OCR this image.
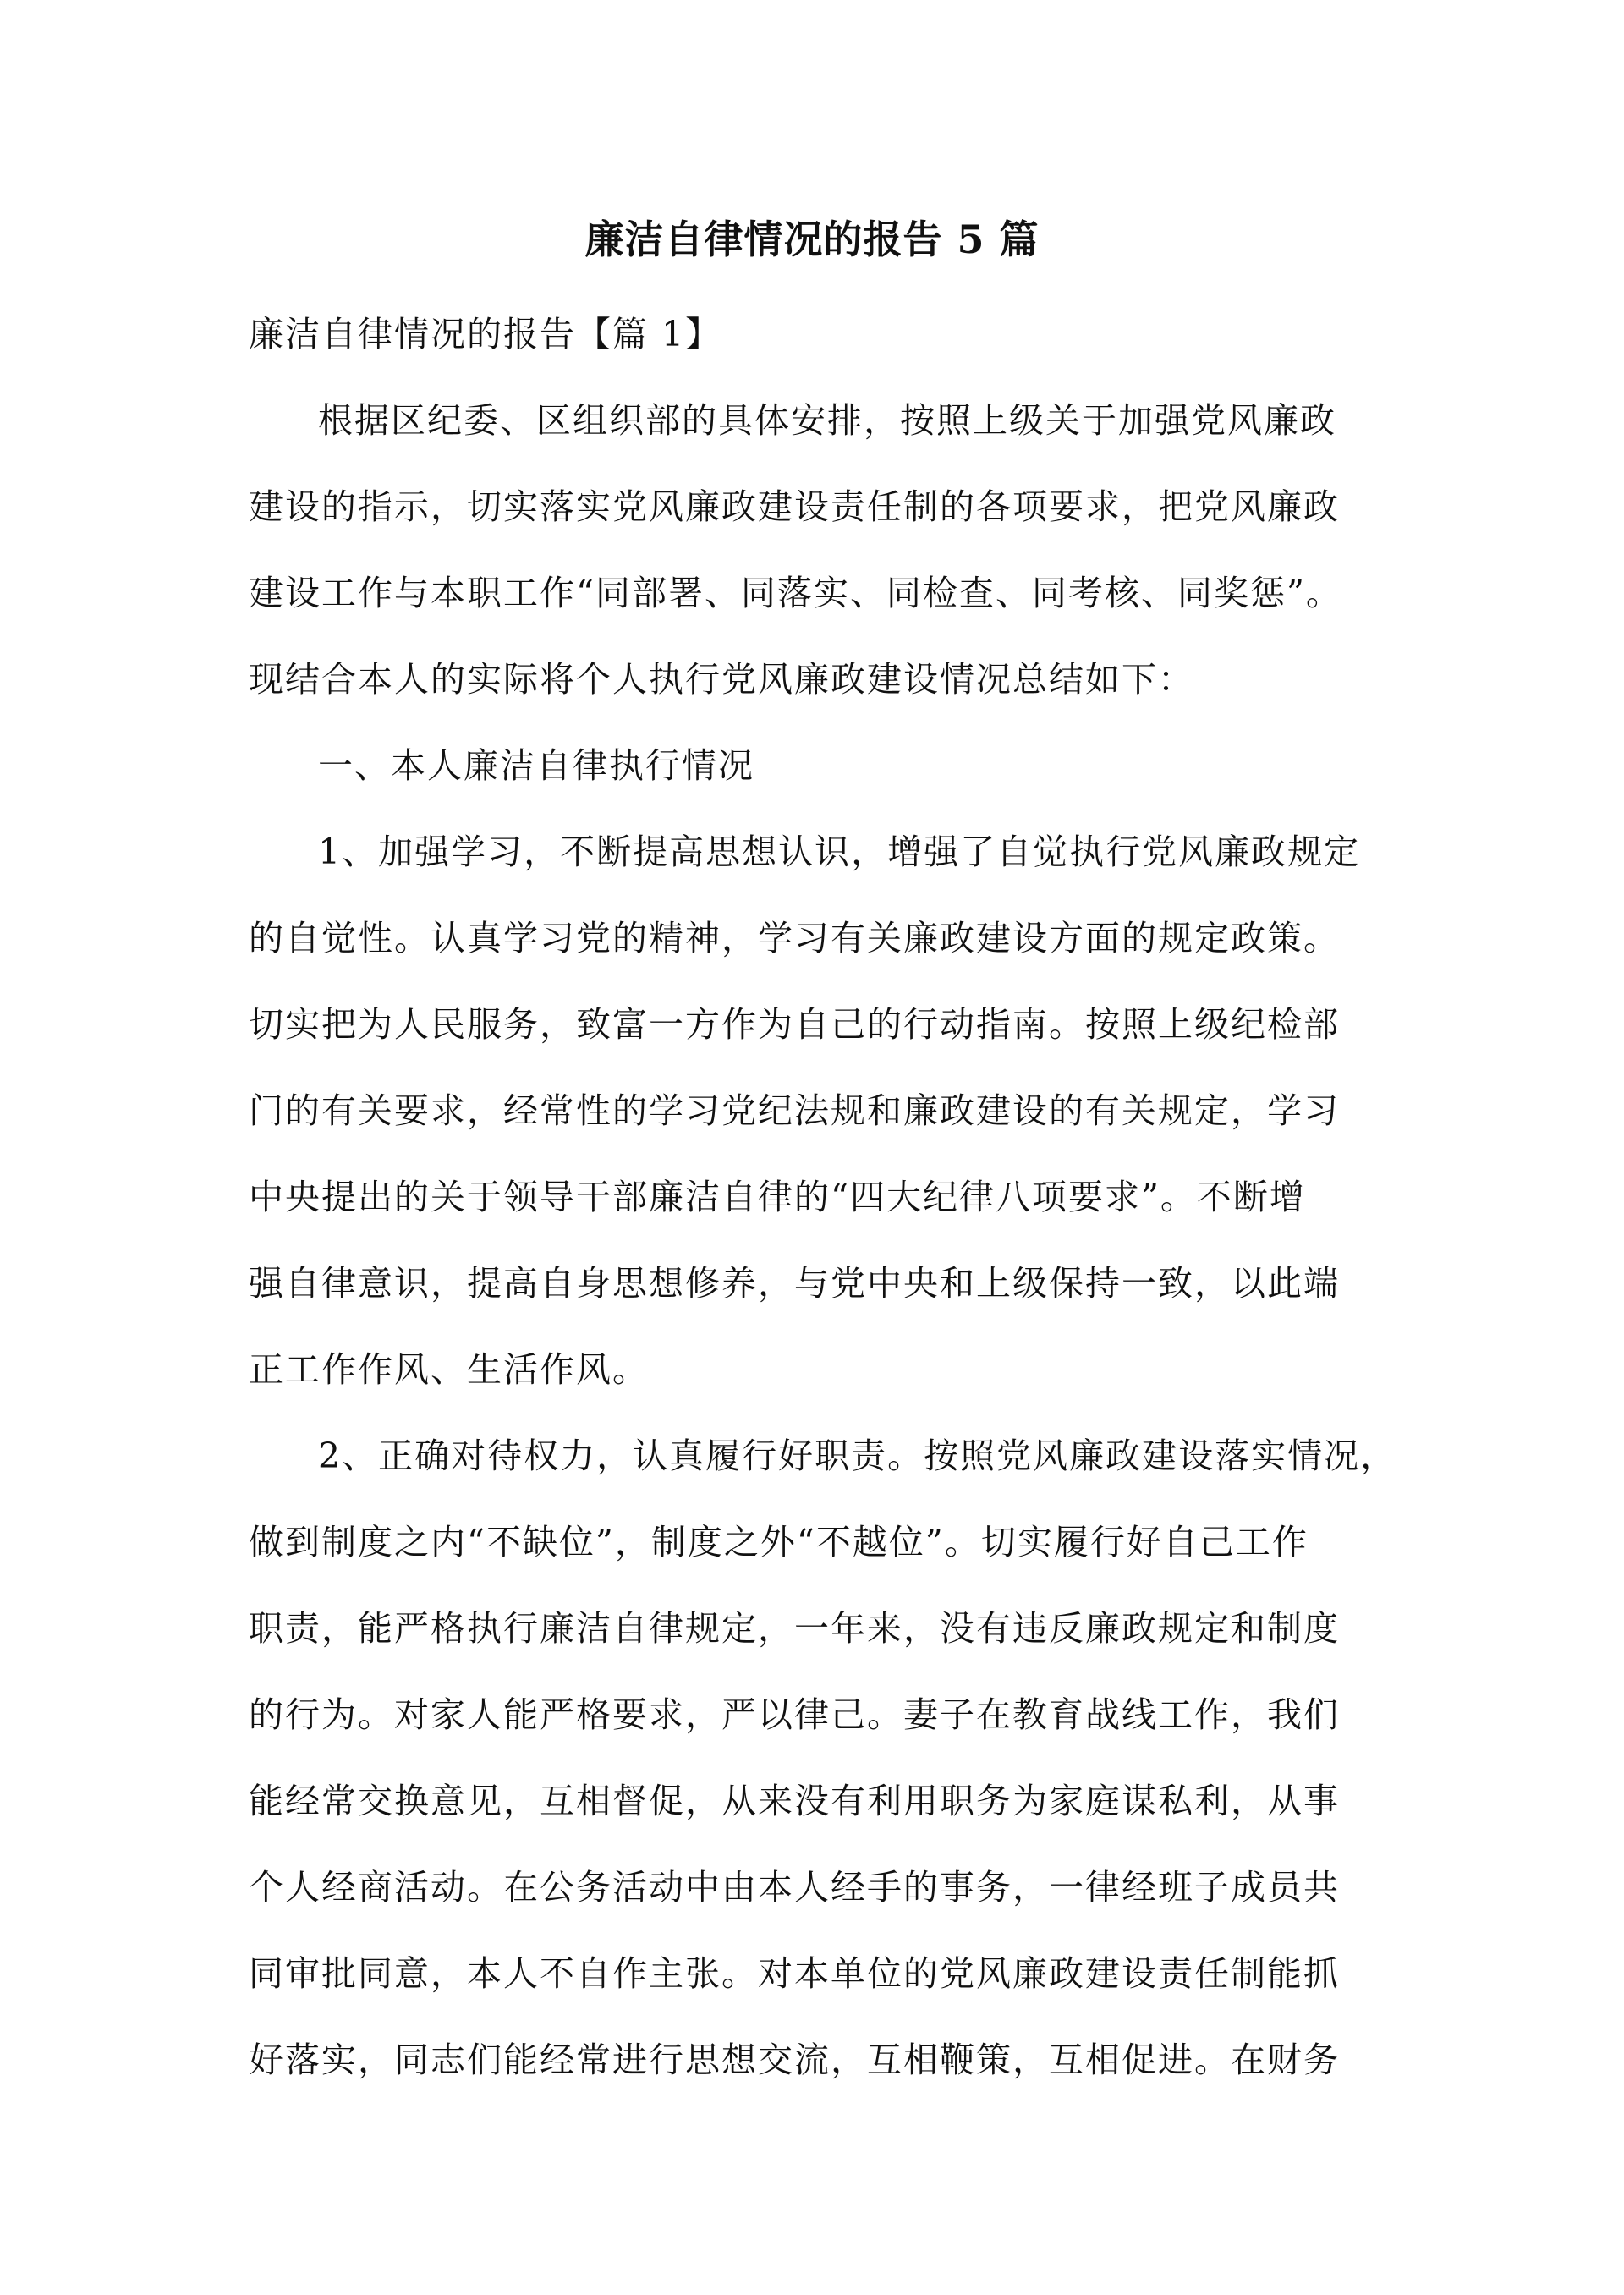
廉洁自律情况的报告 5 篇

廉洁自律情况的报告【篇 1】

根据区纪委、区组织部的具体安排，按照上级关于加强党风廉政
建设的指示，切实落实党风廉政建设责任制的各项要求，把党风廉政
建设工作与本职工作“同部署、同落实、同检查、同考核、同奖惩”。
现结合本人的实际将个人执行党风廉政建设情况总结如下：

一、本人廉洁自律执行情况

1、加强学习，不断提高思想认识，增强了自觉执行党风廉政规定
的自觉性。认真学习党的精神，学习有关廉政建设方面的规定政策。
切实把为人民服务，致富一方作为自己的行动指南。按照上级纪检部
门的有关要求，经常性的学习党纪法规和廉政建设的有关规定，学习
中央提出的关于领导干部廉洁自律的“四大纪律八项要求”。不断增
强自律意识，提高自身思想修养，与党中央和上级保持一致，以此端
正工作作风、生活作风。

2、正确对待权力，认真履行好职责。按照党风廉政建设落实情况，
做到制度之内“不缺位”，制度之外“不越位”。切实履行好自己工作
职责，能严格执行廉洁自律规定，一年来，没有违反廉政规定和制度
的行为。对家人能严格要求，严以律己。妻子在教育战线工作，我们
能经常交换意见，互相督促，从来没有利用职务为家庭谋私利，从事
个人经商活动。在公务活动中由本人经手的事务，一律经班子成员共
同审批同意，本人不自作主张。对本单位的党风廉政建设责任制能抓
好落实，同志们能经常进行思想交流，互相鞭策，互相促进。在财务
